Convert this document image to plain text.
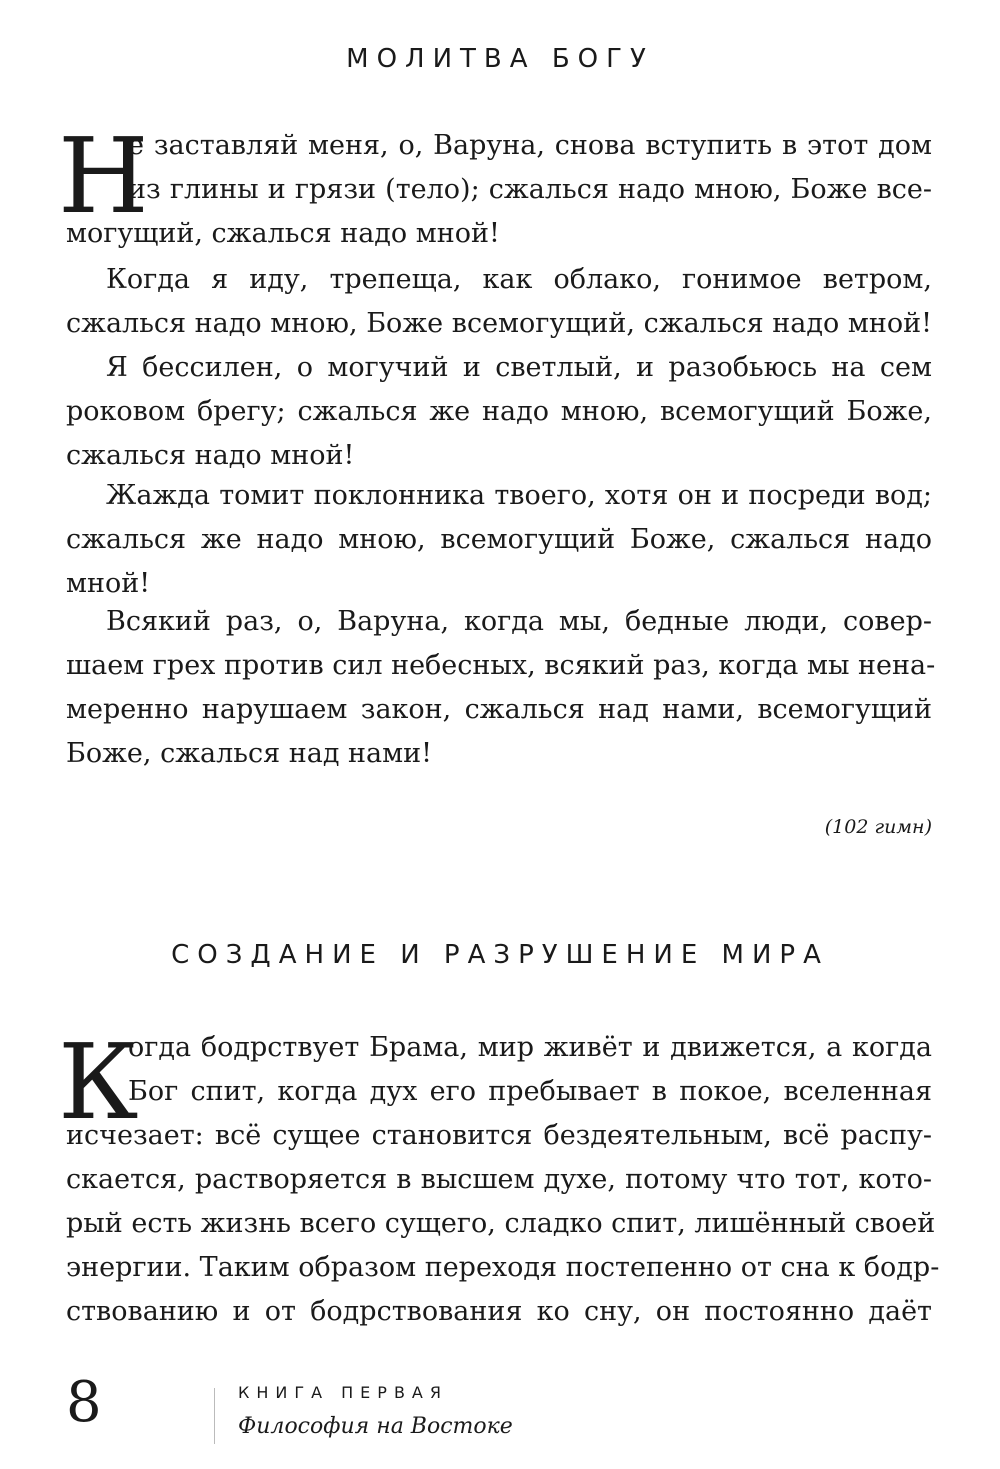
МОЛИТВА БОГУ
Н
е заставляй меня, о, Варуна, снова вступить в этот дом
из глины и грязи (тело); сжалься надо мною, Боже все-
могущий, сжалься надо мной!
Когда я иду, трепеща, как облако, гонимое ветром,
сжалься надо мною, Боже всемогущий, сжалься надо мной!
Я бессилен, о могучий и светлый, и разобьюсь на сем
роковом брегу; сжалься же надо мною, всемогущий Боже,
сжалься надо мной!
Жажда томит поклонника твоего, хотя он и посреди вод;
сжалься же надо мною, всемогущий Боже, сжалься надо
мной!
Всякий раз, о, Варуна, когда мы, бедные люди, совер-
шаем грех против сил небесных, всякий раз, когда мы нена-
меренно нарушаем закон, сжалься над нами, всемогущий
Боже, сжалься над нами!
(102 гимн)
СОЗДАНИЕ И РАЗРУШЕНИЕ МИРА
К
огда бодрствует Брама, мир живёт и движется, а когда
Бог спит, когда дух его пребывает в покое, вселенная
исчезает: всё сущее становится бездеятельным, всё распу-
скается, растворяется в высшем духе, потому что тот, кото-
рый есть жизнь всего сущего, сладко спит, лишённый своей
энергии. Таким образом переходя постепенно от сна к бодр-
ствованию и от бодрствования ко сну, он постоянно даёт
8	КНИГА ПЕРВАЯ
Философия на Востоке
